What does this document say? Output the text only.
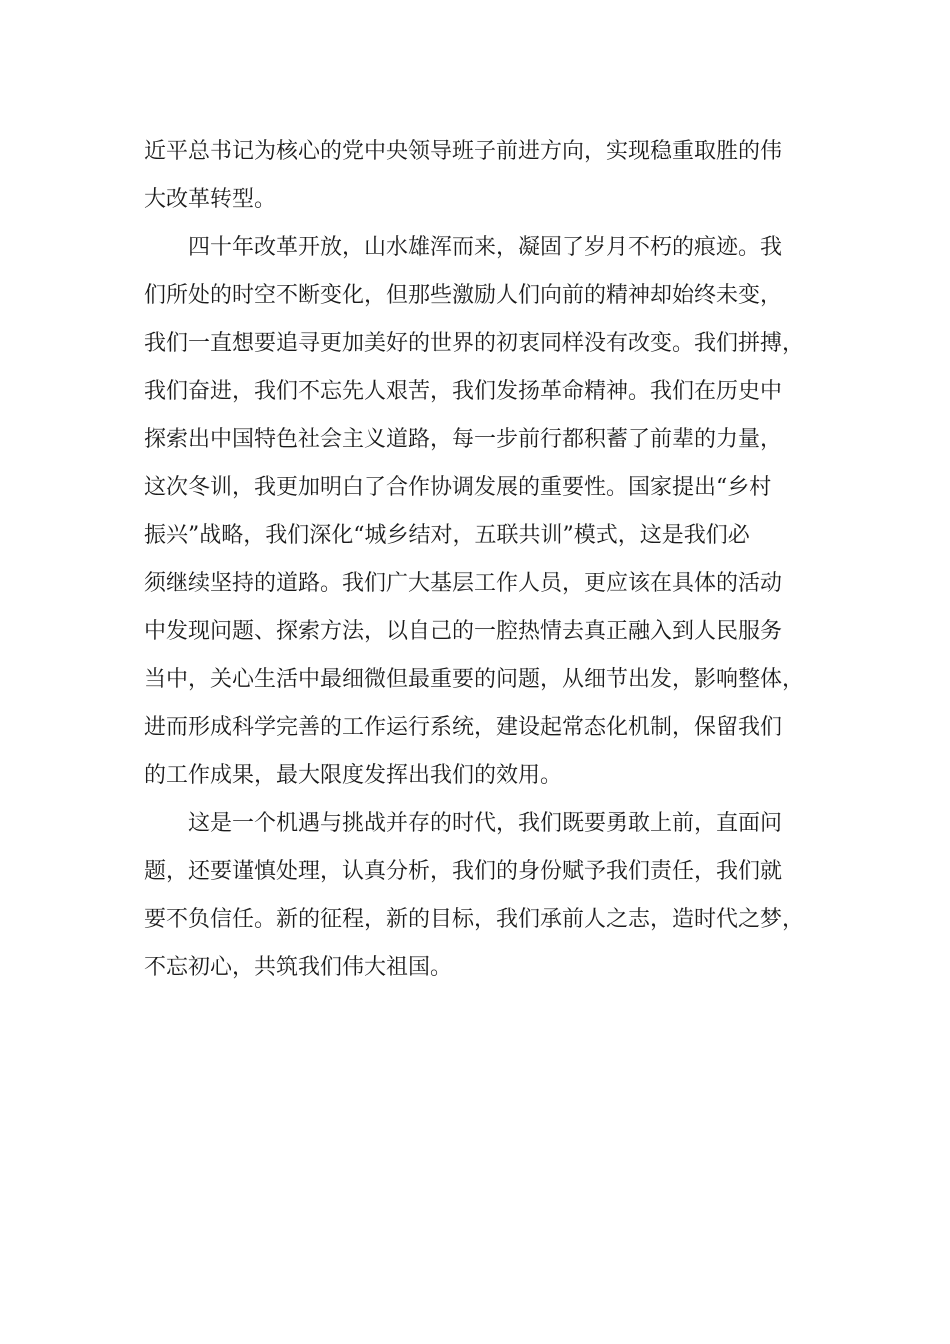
近平总书记为核心的党中央领导班子前进方向，实现稳重取胜的伟
大改革转型。
四十年改革开放，山水雄浑而来，凝固了岁月不朽的痕迹。我
们所处的时空不断变化，但那些激励人们向前的精神却始终未变，
我们一直想要追寻更加美好的世界的初衷同样没有改变。我们拼搏，
我们奋进，我们不忘先人艰苦，我们发扬革命精神。我们在历史中
探索出中国特色社会主义道路，每一步前行都积蓄了前辈的力量，
这次冬训，我更加明白了合作协调发展的重要性。国家提出“乡村
振兴”战略，我们深化“城乡结对，五联共训”模式，这是我们必
须继续坚持的道路。我们广大基层工作人员，更应该在具体的活动
中发现问题、探索方法，以自己的一腔热情去真正融入到人民服务
当中，关心生活中最细微但最重要的问题，从细节出发，影响整体，
进而形成科学完善的工作运行系统，建设起常态化机制，保留我们
的工作成果，最大限度发挥出我们的效用。
这是一个机遇与挑战并存的时代，我们既要勇敢上前，直面问
题，还要谨慎处理，认真分析，我们的身份赋予我们责任，我们就
要不负信任。新的征程，新的目标，我们承前人之志，造时代之梦，
不忘初心，共筑我们伟大祖国。
